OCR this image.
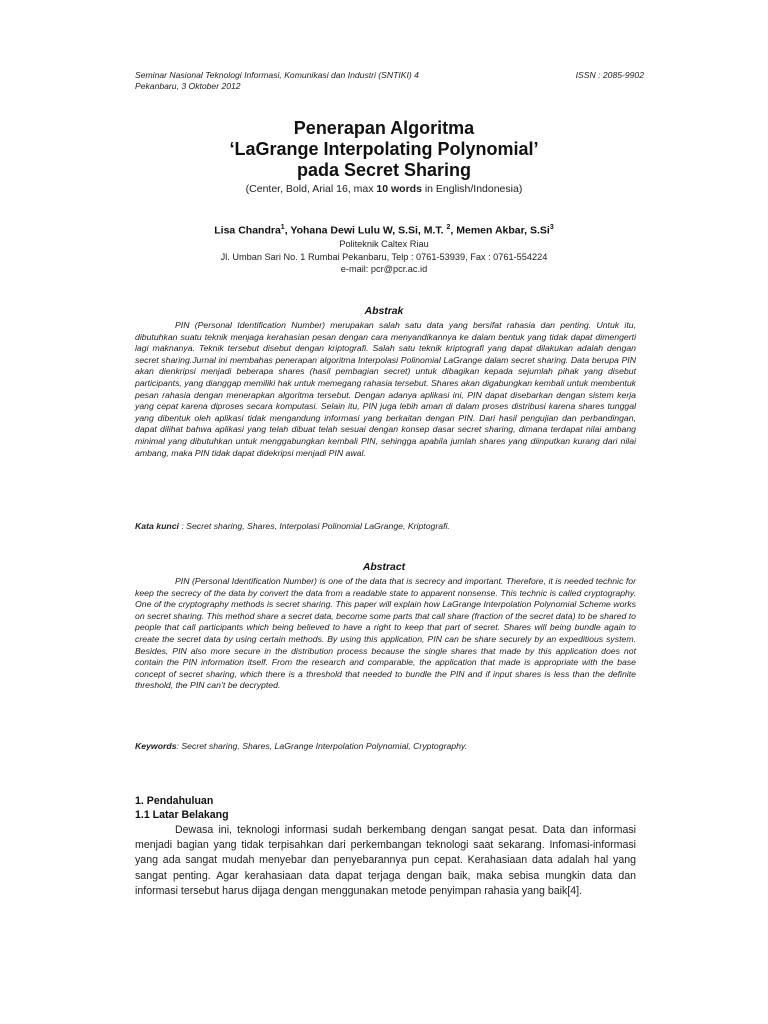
Seminar Nasional Teknologi Informasi, Komunikasi dan Industri (SNTIKI) 4
Pekanbaru, 3 Oktober 2012
ISSN : 2085-9902
Penerapan Algoritma
‘LaGrange Interpolating Polynomial’
pada Secret Sharing
(Center, Bold, Arial 16, max 10 words in English/Indonesia)
Lisa Chandra$^1$, Yohana Dewi Lulu W, S.Si, M.T. $^2$, Memen Akbar, S.Si$^3$
Politeknik Caltex Riau
Jl. Umban Sari No. 1 Rumbai Pekanbaru, Telp : 0761-53939, Fax : 0761-554224
e-mail: pcr@pcr.ac.id
Abstrak

PIN (Personal Identification Number) merupakan salah satu data yang bersifat rahasia dan penting. Untuk itu, dibutuhkan suatu teknik menjaga kerahasian pesan dengan cara menyandikannya ke dalam bentuk yang tidak dapat dimengerti lagi maknanya. Teknik tersebut disebut dengan kriptografi. Salah satu teknik kriptografi yang dapat dilakukan adalah dengan secret sharing.Jurnal ini membahas penerapan algoritma Interpolasi Polinomial LaGrange dalam secret sharing. Data berupa PIN akan dienkripsi menjadi beberapa shares (hasil pembagian secret) untuk dibagikan kepada sejumlah pihak yang disebut participants, yang dianggap memiliki hak untuk memegang rahasia tersebut. Shares akan digabungkan kembali untuk membentuk pesan rahasia dengan menerapkan algoritma tersebut. Dengan adanya aplikasi ini, PIN dapat disebarkan dengan sistem kerja yang cepat karena diproses secara komputasi. Selain itu, PIN juga lebih aman di dalam proses distribusi karena shares tunggal yang dibentuk oleh aplikasi tidak mengandung informasi yang berkaitan dengan PIN. Dari hasil pengujian dan perbandingan, dapat dilihat bahwa aplikasi yang telah dibuat telah sesuai dengan konsep dasar secret sharing, dimana terdapat nilai ambang minimal yang dibutuhkan untuk menggabungkan kembali PIN, sehingga apabila jumlah shares yang diinputkan kurang dari nilai ambang, maka PIN tidak dapat didekripsi menjadi PIN awal.

Kata kunci : Secret sharing, Shares, Interpolasi Polinomial LaGrange, Kriptografi.
Abstract

PIN (Personal Identification Number) is one of the data that is secrecy and important. Therefore, it is needed technic for keep the secrecy of the data by convert the data from a readable state to apparent nonsense. This technic is called cryptography. One of the cryptography methods is secret sharing. This paper will explain how LaGrange Interpolation Polynomial Scheme works on secret sharing. This method share a secret data, become some parts that call share (fraction of the secret data) to be shared to people that call participants which being believed to have a right to keep that part of secret. Shares will being bundle again to create the secret data by using certain methods. By using this application, PIN can be share securely by an expeditious system. Besides, PIN also more secure in the distribution process because the single shares that made by this application does not contain the PIN information itself. From the research and comparable, the application that made is appropriate with the base concept of secret sharing, which there is a threshold that needed to bundle the PIN and if input shares is less than the definite threshold, the PIN can’t be decrypted.

Keywords: Secret sharing, Shares, LaGrange Interpolation Polynomial, Cryptography.
1. Pendahuluan
1.1 Latar Belakang

Dewasa ini, teknologi informasi sudah berkembang dengan sangat pesat. Data dan informasi menjadi bagian yang tidak terpisahkan dari perkembangan teknologi saat sekarang. Infomasi-informasi yang ada sangat mudah menyebar dan penyebarannya pun cepat. Kerahasiaan data adalah hal yang sangat penting. Agar kerahasiaan data dapat terjaga dengan baik, maka sebisa mungkin data dan informasi tersebut harus dijaga dengan menggunakan metode penyimpan rahasia yang baik[4].
